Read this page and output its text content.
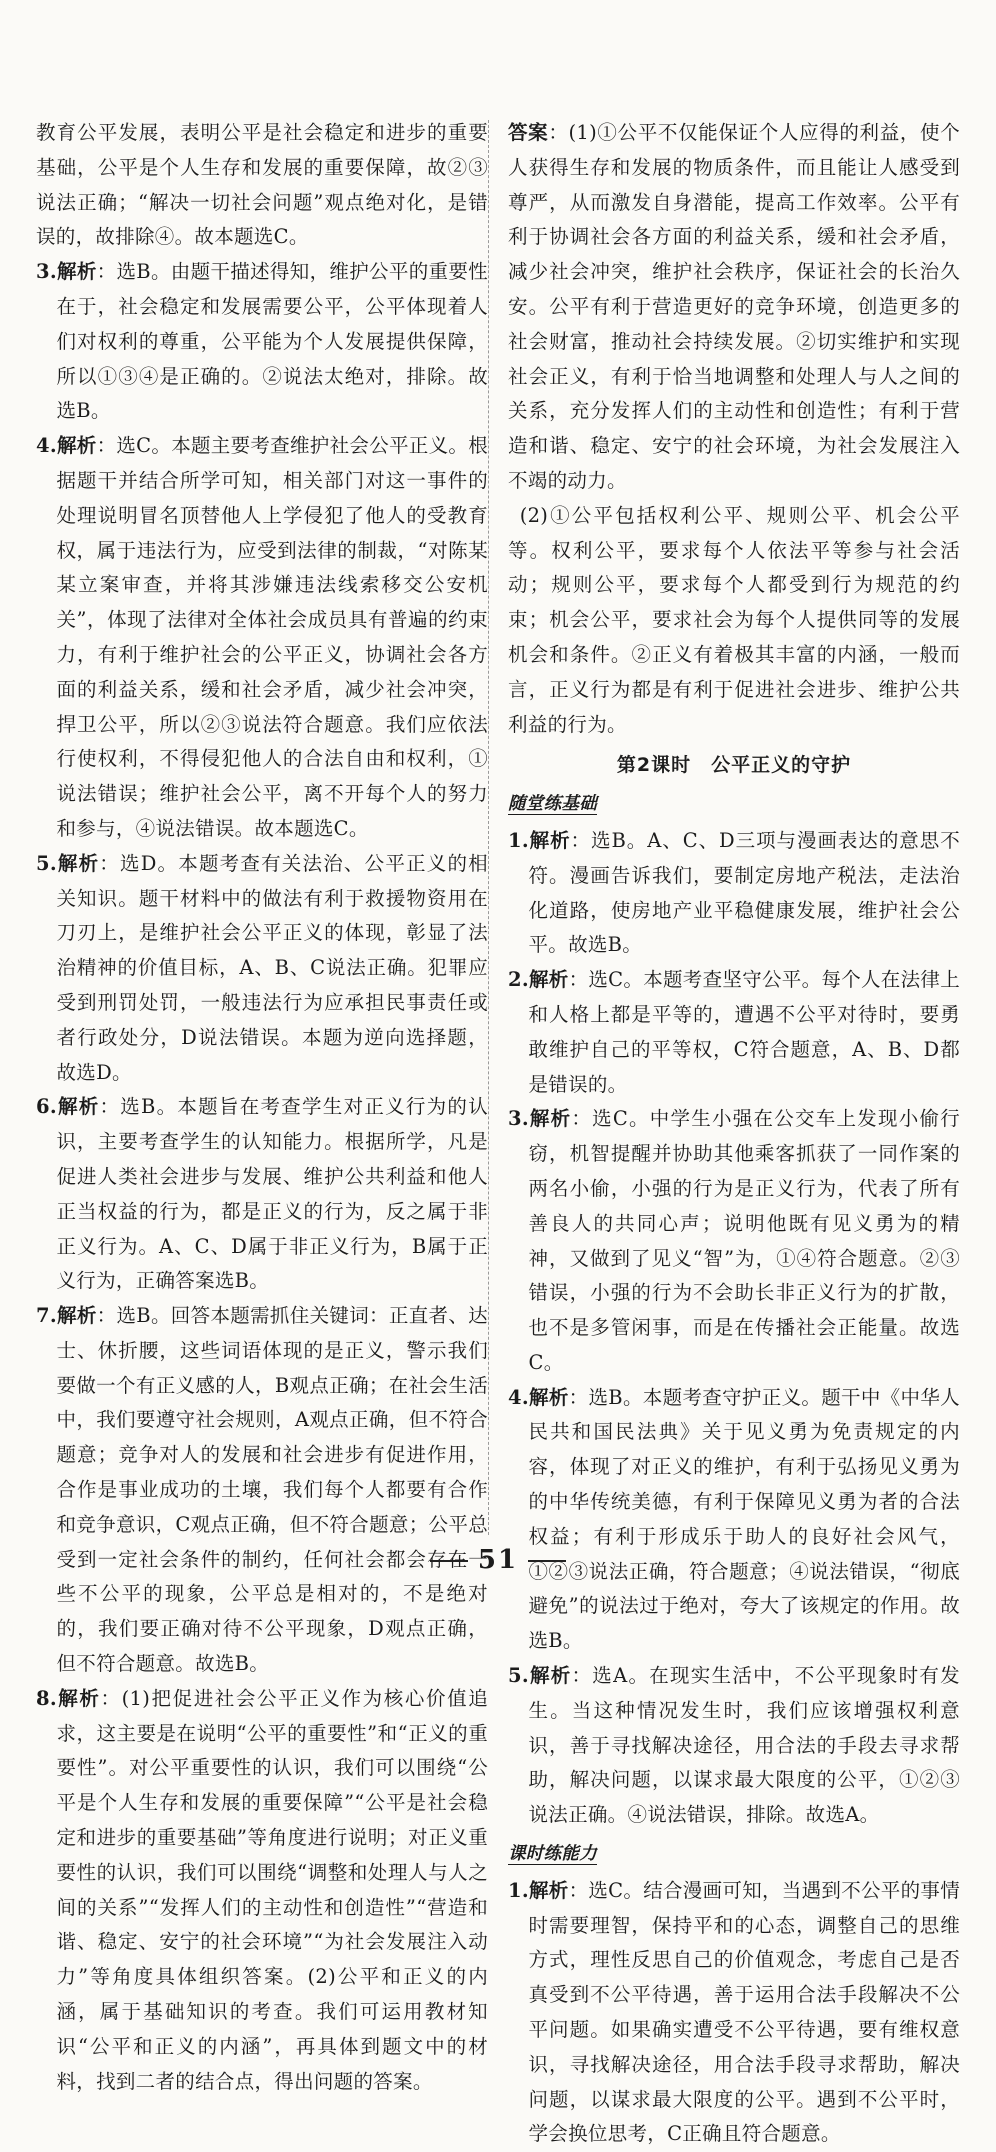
教育公平发展，表明公平是社会稳定和进步的重要基础，公平是个人生存和发展的重要保障，故②③说法正确；“解决一切社会问题”观点绝对化，是错误的，故排除④。故本题选C。

3.解析：选B。由题干描述得知，维护公平的重要性在于，社会稳定和发展需要公平，公平体现着人们对权利的尊重，公平能为个人发展提供保障，所以①③④是正确的。②说法太绝对，排除。故选B。

4.解析：选C。本题主要考查维护社会公平正义。根据题干并结合所学可知，相关部门对这一事件的处理说明冒名顶替他人上学侵犯了他人的受教育权，属于违法行为，应受到法律的制裁，“对陈某某立案审查，并将其涉嫌违法线索移交公安机关”，体现了法律对全体社会成员具有普遍的约束力，有利于维护社会的公平正义，协调社会各方面的利益关系，缓和社会矛盾，减少社会冲突，捍卫公平，所以②③说法符合题意。我们应依法行使权利，不得侵犯他人的合法自由和权利，①说法错误；维护社会公平，离不开每个人的努力和参与，④说法错误。故本题选C。

5.解析：选D。本题考查有关法治、公平正义的相关知识。题干材料中的做法有利于救援物资用在刀刃上，是维护社会公平正义的体现，彰显了法治精神的价值目标，A、B、C说法正确。犯罪应受到刑罚处罚，一般违法行为应承担民事责任或者行政处分，D说法错误。本题为逆向选择题，故选D。

6.解析：选B。本题旨在考查学生对正义行为的认识，主要考查学生的认知能力。根据所学，凡是促进人类社会进步与发展、维护公共利益和他人正当权益的行为，都是正义的行为，反之属于非正义行为。A、C、D属于非正义行为，B属于正义行为，正确答案选B。

7.解析：选B。回答本题需抓住关键词：正直者、达士、休折腰，这些词语体现的是正义，警示我们要做一个有正义感的人，B观点正确；在社会生活中，我们要遵守社会规则，A观点正确，但不符合题意；竞争对人的发展和社会进步有促进作用，合作是事业成功的土壤，我们每个人都要有合作和竞争意识，C观点正确，但不符合题意；公平总受到一定社会条件的制约，任何社会都会存在一些不公平的现象，公平总是相对的，不是绝对的，我们要正确对待不公平现象，D观点正确，但不符合题意。故选B。

8.解析：(1)把促进社会公平正义作为核心价值追求，这主要是在说明“公平的重要性”和“正义的重要性”。对公平重要性的认识，我们可以围绕“公平是个人生存和发展的重要保障”“公平是社会稳定和进步的重要基础”等角度进行说明；对正义重要性的认识，我们可以围绕“调整和处理人与人之间的关系”“发挥人们的主动性和创造性”“营造和谐、稳定、安宁的社会环境”“为社会发展注入动力”等角度具体组织答案。(2)公平和正义的内涵，属于基础知识的考查。我们可运用教材知识“公平和正义的内涵”，再具体到题文中的材料，找到二者的结合点，得出问题的答案。

答案：(1)①公平不仅能保证个人应得的利益，使个人获得生存和发展的物质条件，而且能让人感受到尊严，从而激发自身潜能，提高工作效率。公平有利于协调社会各方面的利益关系，缓和社会矛盾，减少社会冲突，维护社会秩序，保证社会的长治久安。公平有利于营造更好的竞争环境，创造更多的社会财富，推动社会持续发展。②切实维护和实现社会正义，有利于恰当地调整和处理人与人之间的关系，充分发挥人们的主动性和创造性；有利于营造和谐、稳定、安宁的社会环境，为社会发展注入不竭的动力。

(2)①公平包括权利公平、规则公平、机会公平等。权利公平，要求每个人依法平等参与社会活动；规则公平，要求每个人都受到行为规范的约束；机会公平，要求社会为每个人提供同等的发展机会和条件。②正义有着极其丰富的内涵，一般而言，正义行为都是有利于促进社会进步、维护公共利益的行为。

第2课时　公平正义的守护
随堂练基础

1.解析：选B。A、C、D三项与漫画表达的意思不符。漫画告诉我们，要制定房地产税法，走法治化道路，使房地产业平稳健康发展，维护社会公平。故选B。

2.解析：选C。本题考查坚守公平。每个人在法律上和人格上都是平等的，遭遇不公平对待时，要勇敢维护自己的平等权，C符合题意，A、B、D都是错误的。

3.解析：选C。中学生小强在公交车上发现小偷行窃，机智提醒并协助其他乘客抓获了一同作案的两名小偷，小强的行为是正义行为，代表了所有善良人的共同心声；说明他既有见义勇为的精神，又做到了见义“智”为，①④符合题意。②③错误，小强的行为不会助长非正义行为的扩散，也不是多管闲事，而是在传播社会正能量。故选C。

4.解析：选B。本题考查守护正义。题干中《中华人民共和国民法典》关于见义勇为免责规定的内容，体现了对正义的维护，有利于弘扬见义勇为的中华传统美德，有利于保障见义勇为者的合法权益；有利于形成乐于助人的良好社会风气，①②③说法正确，符合题意；④说法错误，“彻底避免”的说法过于绝对，夸大了该规定的作用。故选B。

5.解析：选A。在现实生活中，不公平现象时有发生。当这种情况发生时，我们应该增强权利意识，善于寻找解决途径，用合法的手段去寻求帮助，解决问题，以谋求最大限度的公平，①②③说法正确。④说法错误，排除。故选A。

课时练能力

1.解析：选C。结合漫画可知，当遇到不公平的事情时需要理智，保持平和的心态，调整自己的思维方式，理性反思自己的价值观念，考虑自己是否真受到不公平待遇，善于运用合法手段解决不公平问题。如果确实遭受不公平待遇，要有维权意识，寻找解决途径，用合法手段寻求帮助，解决问题，以谋求最大限度的公平。遇到不公平时，学会换位思考，C正确且符合题意。

51
